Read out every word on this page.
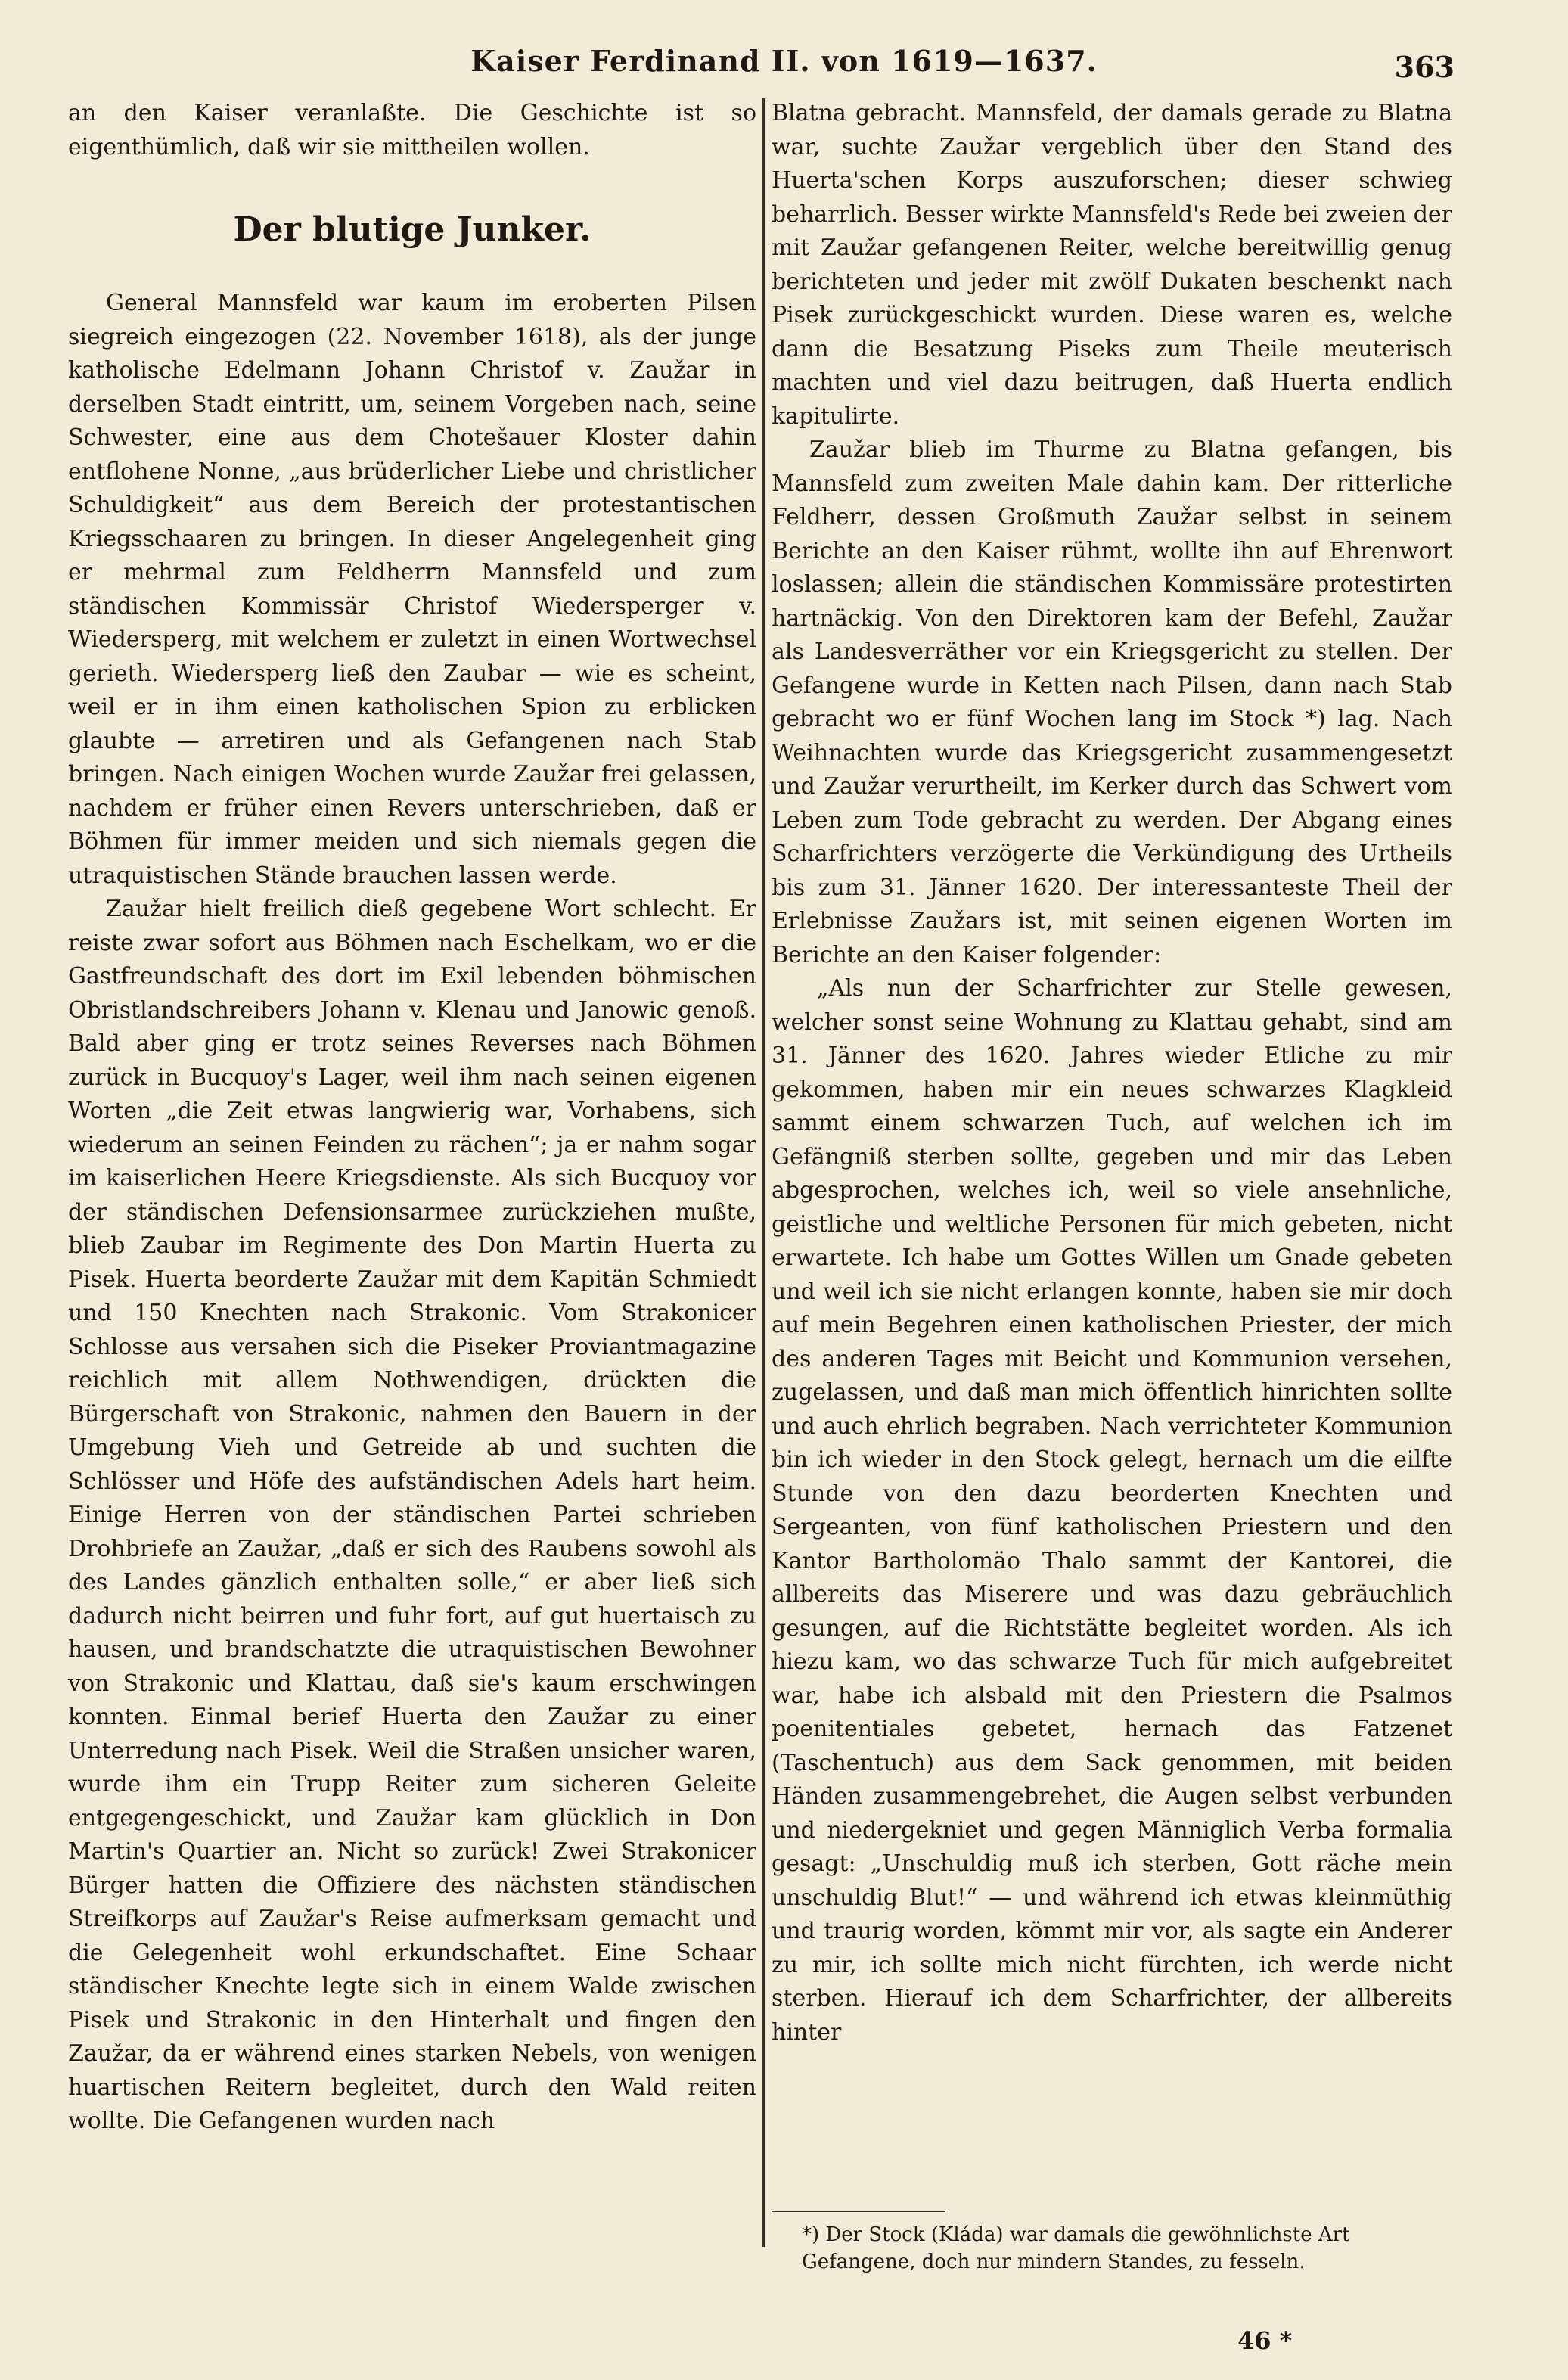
Kaiser Ferdinand II. von 1619—1637.	363

an den Kaiser veranlaßte. Die Geschichte ist so eigenthümlich, daß wir sie mittheilen wollen.

Der blutige Junker.

General Mannsfeld war kaum im eroberten Pilsen siegreich eingezogen (22. November 1618), als der junge katholische Edelmann Johann Christof v. Zaužar in derselben Stadt eintritt, um, seinem Vorgeben nach, seine Schwester, eine aus dem Chotešauer Kloster dahin entflohene Nonne, „aus brüderlicher Liebe und christlicher Schuldigkeit“ aus dem Bereich der protestantischen Kriegsschaaren zu bringen. In dieser Angelegenheit ging er mehrmal zum Feldherrn Mannsfeld und zum ständischen Kommissär Christof Wiedersperger v. Wiedersperg, mit welchem er zuletzt in einen Wortwechsel gerieth. Wiedersperg ließ den Zaubar — wie es scheint, weil er in ihm einen katholischen Spion zu erblicken glaubte — arretiren und als Gefangenen nach Stab bringen. Nach einigen Wochen wurde Zaužar frei gelassen, nachdem er früher einen Revers unterschrieben, daß er Böhmen für immer meiden und sich niemals gegen die utraquistischen Stände brauchen lassen werde.

Zaužar hielt freilich dieß gegebene Wort schlecht. Er reiste zwar sofort aus Böhmen nach Eschelkam, wo er die Gastfreundschaft des dort im Exil lebenden böhmischen Obristlandschreibers Johann v. Klenau und Janowic genoß. Bald aber ging er trotz seines Reverses nach Böhmen zurück in Bucquoy's Lager, weil ihm nach seinen eigenen Worten „die Zeit etwas langwierig war, Vorhabens, sich wiederum an seinen Feinden zu rächen“; ja er nahm sogar im kaiserlichen Heere Kriegsdienste. Als sich Bucquoy vor der ständischen Defensionsarmee zurückziehen mußte, blieb Zaubar im Regimente des Don Martin Huerta zu Pisek. Huerta beorderte Zaužar mit dem Kapitän Schmiedt und 150 Knechten nach Strakonic. Vom Strakonicer Schlosse aus versahen sich die Piseker Proviantmagazine reichlich mit allem Nothwendigen, drückten die Bürgerschaft von Strakonic, nahmen den Bauern in der Umgebung Vieh und Getreide ab und suchten die Schlösser und Höfe des aufständischen Adels hart heim. Einige Herren von der ständischen Partei schrieben Drohbriefe an Zaužar, „daß er sich des Raubens sowohl als des Landes gänzlich enthalten solle,“ er aber ließ sich dadurch nicht beirren und fuhr fort, auf gut huertaisch zu hausen, und brandschatzte die utraquistischen Bewohner von Strakonic und Klattau, daß sie's kaum erschwingen konnten. Einmal berief Huerta den Zaužar zu einer Unterredung nach Pisek. Weil die Straßen unsicher waren, wurde ihm ein Trupp Reiter zum sicheren Geleite entgegengeschickt, und Zaužar kam glücklich in Don Martin's Quartier an. Nicht so zurück! Zwei Strakonicer Bürger hatten die Offiziere des nächsten ständischen Streifkorps auf Zaužar's Reise aufmerksam gemacht und die Gelegenheit wohl erkundschaftet. Eine Schaar ständischer Knechte legte sich in einem Walde zwischen Pisek und Strakonic in den Hinterhalt und fingen den Zaužar, da er während eines starken Nebels, von wenigen huartischen Reitern begleitet, durch den Wald reiten wollte. Die Gefangenen wurden nach

Blatna gebracht. Mannsfeld, der damals gerade zu Blatna war, suchte Zaužar vergeblich über den Stand des Huerta'schen Korps auszuforschen; dieser schwieg beharrlich. Besser wirkte Mannsfeld's Rede bei zweien der mit Zaužar gefangenen Reiter, welche bereitwillig genug berichteten und jeder mit zwölf Dukaten beschenkt nach Pisek zurückgeschickt wurden. Diese waren es, welche dann die Besatzung Piseks zum Theile meuterisch machten und viel dazu beitrugen, daß Huerta endlich kapitulirte.

Zaužar blieb im Thurme zu Blatna gefangen, bis Mannsfeld zum zweiten Male dahin kam. Der ritterliche Feldherr, dessen Großmuth Zaužar selbst in seinem Berichte an den Kaiser rühmt, wollte ihn auf Ehrenwort loslassen; allein die ständischen Kommissäre protestirten hartnäckig. Von den Direktoren kam der Befehl, Zaužar als Landesverräther vor ein Kriegsgericht zu stellen. Der Gefangene wurde in Ketten nach Pilsen, dann nach Stab gebracht wo er fünf Wochen lang im Stock *) lag. Nach Weihnachten wurde das Kriegsgericht zusammengesetzt und Zaužar verurtheilt, im Kerker durch das Schwert vom Leben zum Tode gebracht zu werden. Der Abgang eines Scharfrichters verzögerte die Verkündigung des Urtheils bis zum 31. Jänner 1620. Der interessanteste Theil der Erlebnisse Zaužars ist, mit seinen eigenen Worten im Berichte an den Kaiser folgender:

„Als nun der Scharfrichter zur Stelle gewesen, welcher sonst seine Wohnung zu Klattau gehabt, sind am 31. Jänner des 1620. Jahres wieder Etliche zu mir gekommen, haben mir ein neues schwarzes Klagkleid sammt einem schwarzen Tuch, auf welchen ich im Gefängniß sterben sollte, gegeben und mir das Leben abgesprochen, welches ich, weil so viele ansehnliche, geistliche und weltliche Personen für mich gebeten, nicht erwartete. Ich habe um Gottes Willen um Gnade gebeten und weil ich sie nicht erlangen konnte, haben sie mir doch auf mein Begehren einen katholischen Priester, der mich des anderen Tages mit Beicht und Kommunion versehen, zugelassen, und daß man mich öffentlich hinrichten sollte und auch ehrlich begraben. Nach verrichteter Kommunion bin ich wieder in den Stock gelegt, hernach um die eilfte Stunde von den dazu beorderten Knechten und Sergeanten, von fünf katholischen Priestern und den Kantor Bartholomäo Thalo sammt der Kantorei, die allbereits das Miserere und was dazu gebräuchlich gesungen, auf die Richtstätte begleitet worden. Als ich hiezu kam, wo das schwarze Tuch für mich aufgebreitet war, habe ich alsbald mit den Priestern die Psalmos poenitentiales gebetet, hernach das Fatzenet (Taschentuch) aus dem Sack genommen, mit beiden Händen zusammengebrehet, die Augen selbst verbunden und niedergekniet und gegen Männiglich Verba formalia gesagt: „Unschuldig muß ich sterben, Gott räche mein unschuldig Blut!“ — und während ich etwas kleinmüthig und traurig worden, kömmt mir vor, als sagte ein Anderer zu mir, ich sollte mich nicht fürchten, ich werde nicht sterben. Hierauf ich dem Scharfrichter, der allbereits hinter

*) Der Stock (Kláda) war damals die gewöhnlichste Art Gefangene, doch nur mindern Standes, zu fesseln.
46 *
